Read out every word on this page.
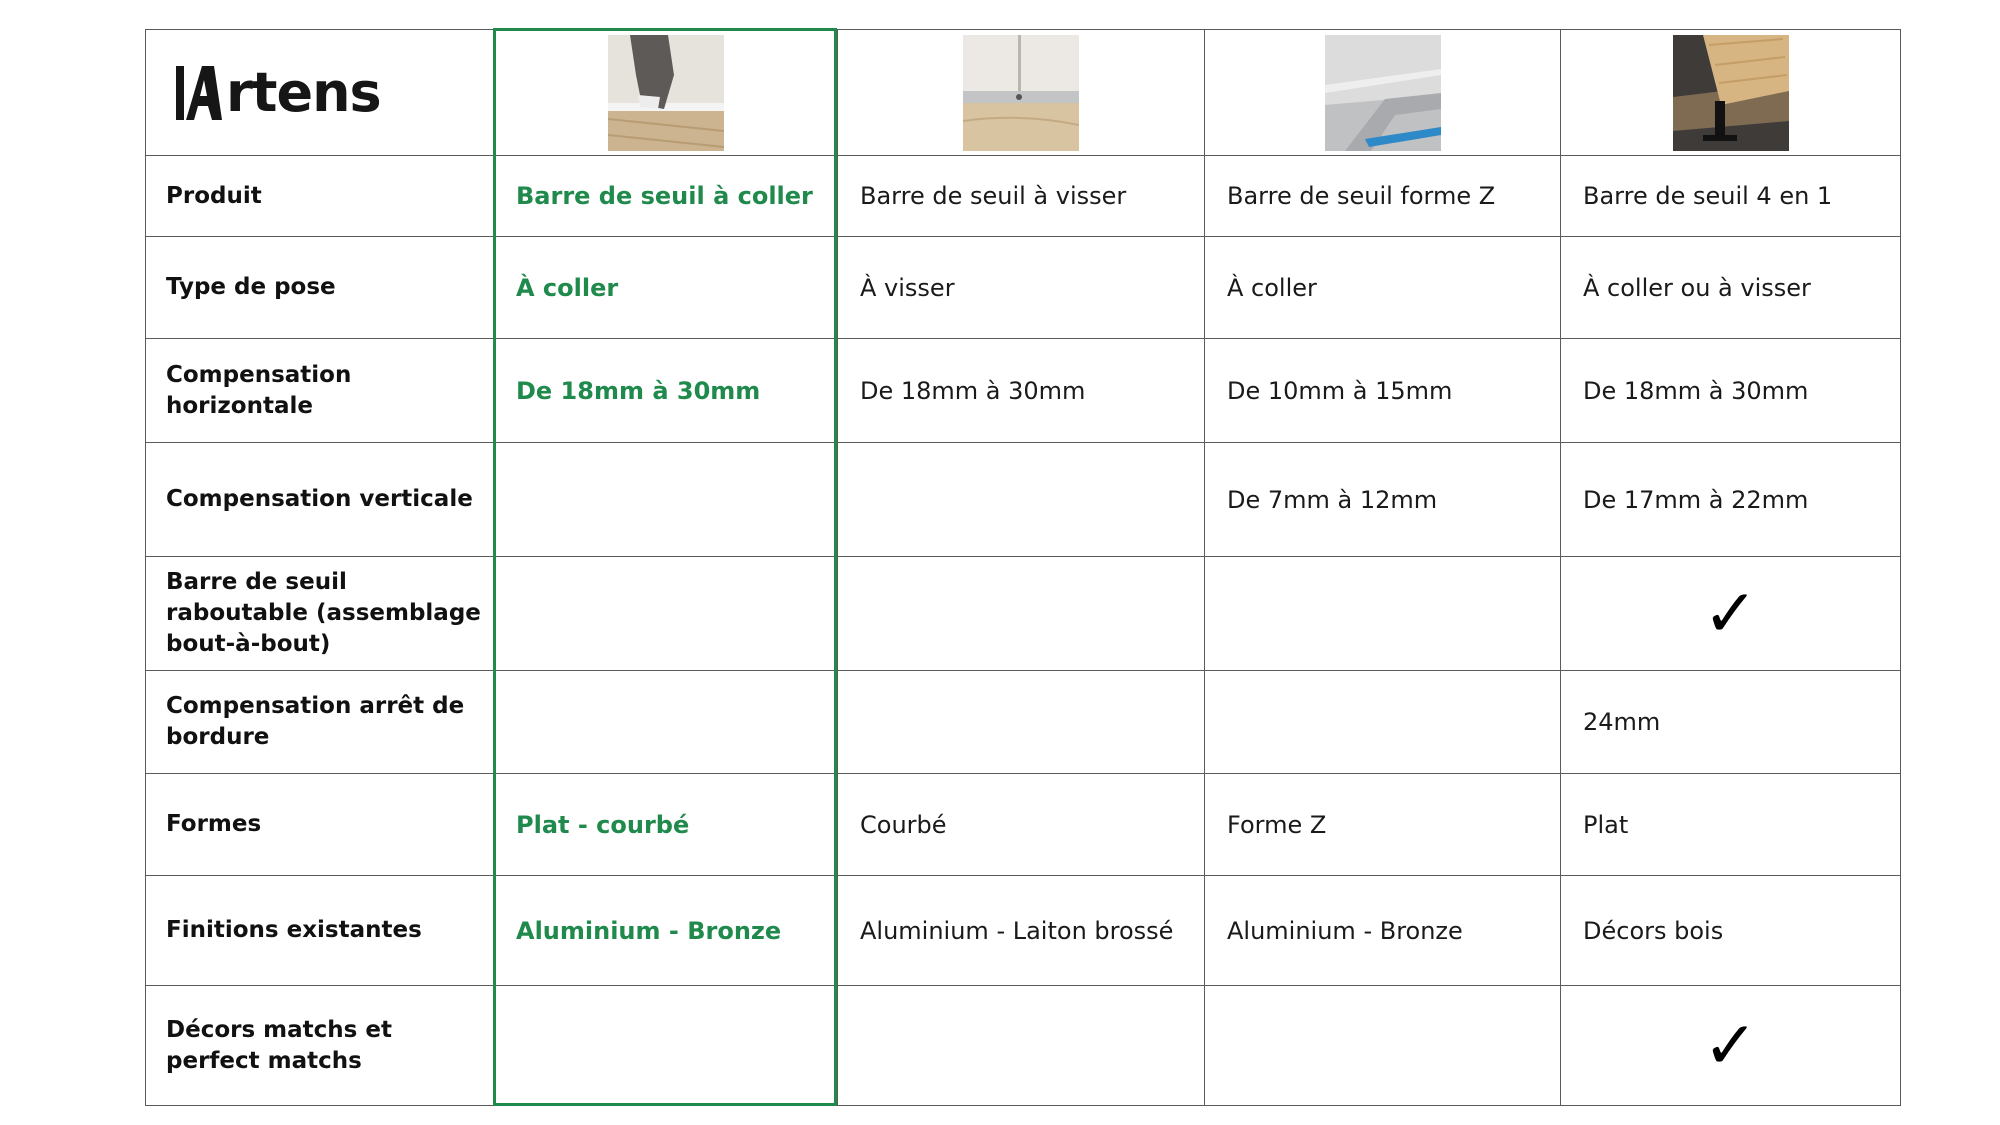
rtens

Produit	Barre de seuil à coller	Barre de seuil à visser	Barre de seuil forme Z	Barre de seuil 4 en 1
Type de pose	À coller	À visser	À coller	À coller ou à visser
Compensation horizontale	De 18mm à 30mm	De 18mm à 30mm	De 10mm à 15mm	De 18mm à 30mm
Compensation verticale			De 7mm à 12mm	De 17mm à 22mm
Barre de seuil raboutable (assemblage bout-à-bout)				✓
Compensation arrêt de bordure				24mm
Formes	Plat - courbé	Courbé	Forme Z	Plat
Finitions existantes	Aluminium - Bronze	Aluminium - Laiton brossé	Aluminium - Bronze	Décors bois
Décors matchs et perfect matchs				✓
